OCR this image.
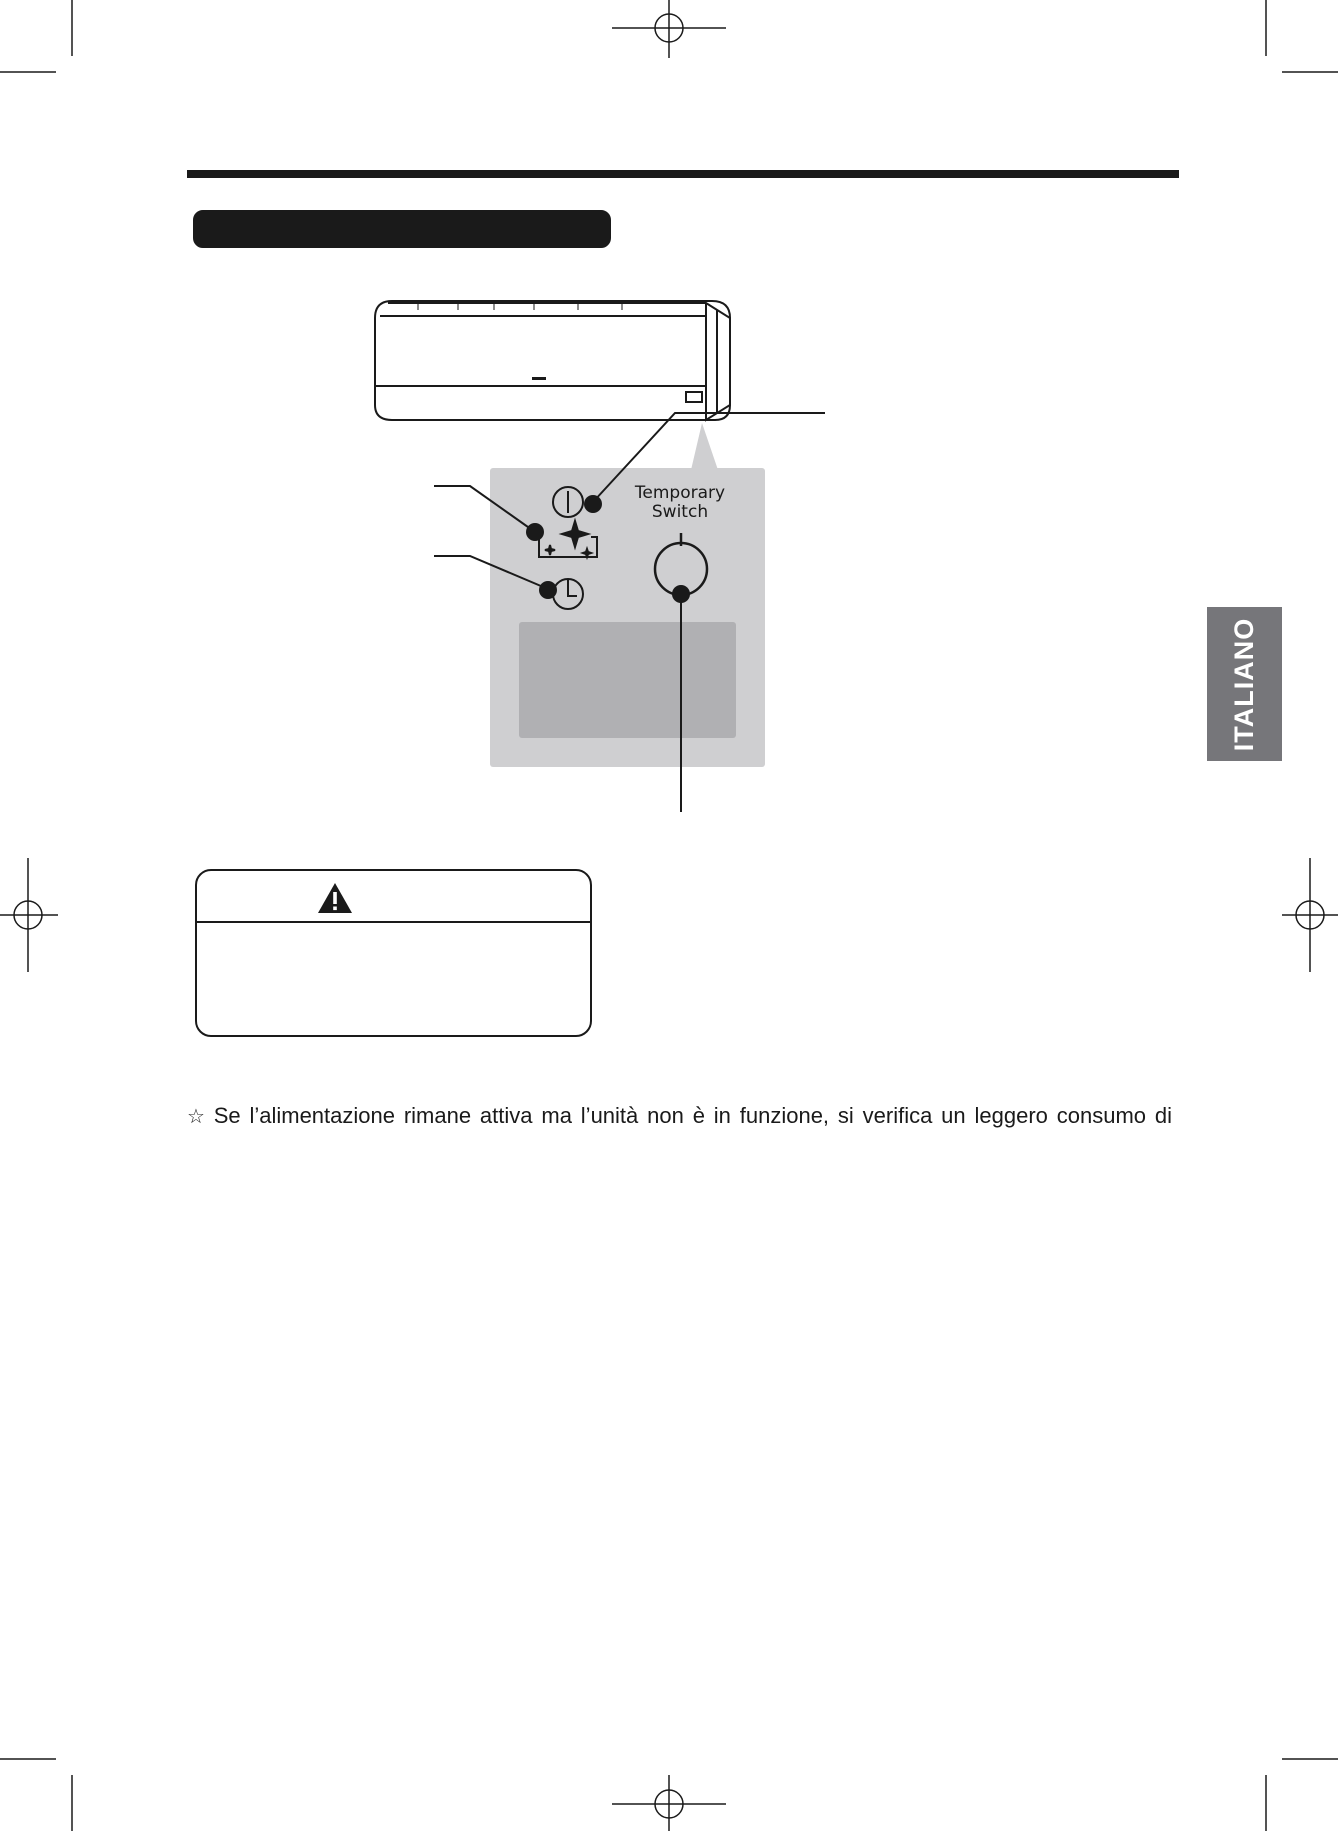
ITALIANO
Temporary
Switch
☆ Se l’alimentazione rimane attiva ma l’unità non è in funzione, si verifica un leggero consumo di
